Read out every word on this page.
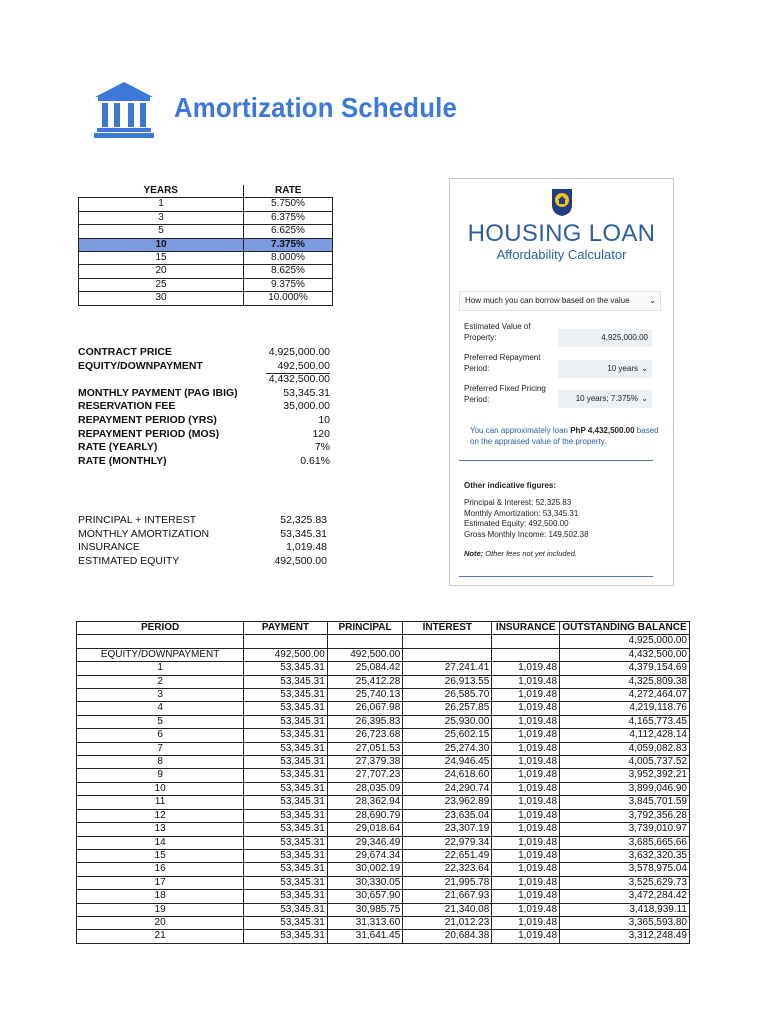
Amortization Schedule
YEARS	RATE
1	5.750%
3	6.375%
5	6.625%
10	7.375%
15	8.000%
20	8.625%
25	9.375%
30	10.000%
CONTRACT PRICE	4,925,000.00
EQUITY/DOWNPAYMENT	492,500.00
4,432,500.00
MONTHLY PAYMENT (PAG IBIG)	53,345.31
RESERVATION FEE	35,000.00
REPAYMENT PERIOD (YRS)	10
REPAYMENT PERIOD (MOS)	120
RATE (YEARLY)	7%
RATE (MONTHLY)	0.61%
PRINCIPAL + INTEREST	52,325.83
MONTHLY AMORTIZATION	53,345.31
INSURANCE	1,019.48
ESTIMATED EQUITY	492,500.00
HOUSING LOAN
Affordability Calculator
How much you can borrow based on the value ⌄
Estimated Value of Property:	4,925,000.00
Preferred Repayment Period:	10 years ⌄
Preferred Fixed Pricing Period:	10 years; 7.375% ⌄
You can approximately loan PhP 4,432,500.00 based on the appraised value of the property.
Other indicative figures:
Principal & Interest: 52,325.83
Monthly Amortization: 53,345.31
Estimated Equity: 492,500.00
Gross Monthly Income: 149,502.38
Note: Other fees not yet included.
PERIOD	PAYMENT	PRINCIPAL	INTEREST	INSURANCE	OUTSTANDING BALANCE
					4,925,000.00
EQUITY/DOWNPAYMENT	492,500.00	492,500.00			4,432,500.00
1	53,345.31	25,084.42	27,241.41	1,019.48	4,379,154.69
2	53,345.31	25,412.28	26,913.55	1,019.48	4,325,809.38
3	53,345.31	25,740.13	26,585.70	1,019.48	4,272,464.07
4	53,345.31	26,067.98	26,257.85	1,019.48	4,219,118.76
5	53,345.31	26,395.83	25,930.00	1,019.48	4,165,773.45
6	53,345.31	26,723.68	25,602.15	1,019.48	4,112,428.14
7	53,345.31	27,051.53	25,274.30	1,019.48	4,059,082.83
8	53,345.31	27,379.38	24,946.45	1,019.48	4,005,737.52
9	53,345.31	27,707.23	24,618.60	1,019.48	3,952,392.21
10	53,345.31	28,035.09	24,290.74	1,019.48	3,899,046.90
11	53,345.31	28,362.94	23,962.89	1,019.48	3,845,701.59
12	53,345.31	28,690.79	23,635.04	1,019.48	3,792,356.28
13	53,345.31	29,018.64	23,307.19	1,019.48	3,739,010.97
14	53,345.31	29,346.49	22,979.34	1,019.48	3,685,665.66
15	53,345.31	29,674.34	22,651.49	1,019.48	3,632,320.35
16	53,345.31	30,002.19	22,323.64	1,019.48	3,578,975.04
17	53,345.31	30,330.05	21,995.78	1,019.48	3,525,629.73
18	53,345.31	30,657.90	21,667.93	1,019.48	3,472,284.42
19	53,345.31	30,985.75	21,340.08	1,019.48	3,418,939.11
20	53,345.31	31,313.60	21,012.23	1,019.48	3,365,593.80
21	53,345.31	31,641.45	20,684.38	1,019.48	3,312,248.49
